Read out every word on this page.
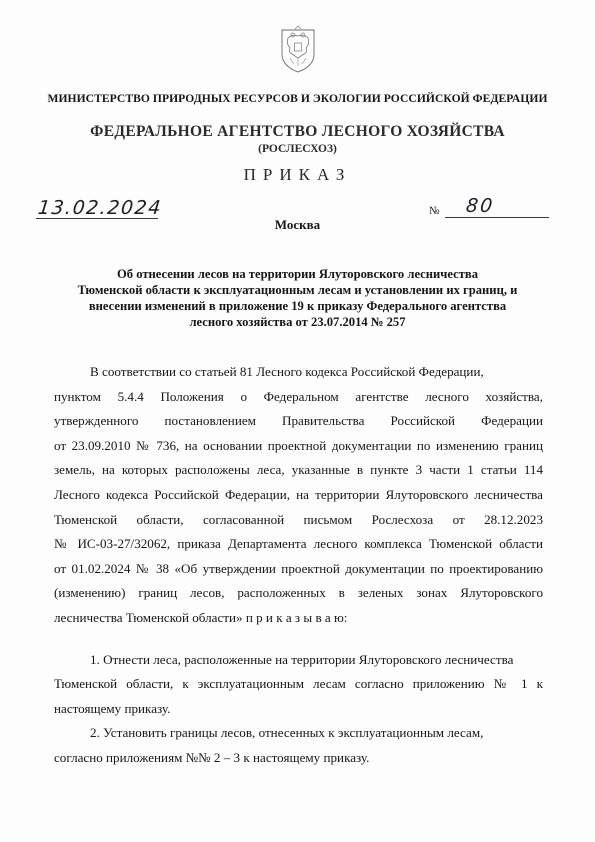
МИНИСТЕРСТВО ПРИРОДНЫХ РЕСУРСОВ И ЭКОЛОГИИ РОССИЙСКОЙ ФЕДЕРАЦИИ
ФЕДЕРАЛЬНОЕ АГЕНТСТВО ЛЕСНОГО ХОЗЯЙСТВА
(РОСЛЕСХОЗ)
ПРИКАЗ
13.02.2024	№ 80
Москва
Об отнесении лесов на территории Ялуторовского лесничества
Тюменской области к эксплуатационным лесам и установлении их границ, и
внесении изменений в приложение 19 к приказу Федерального агентства
лесного хозяйства от 23.07.2014 № 257
В соответствии со статьей 81 Лесного кодекса Российской Федерации,
пунктом 5.4.4 Положения о Федеральном агентстве лесного хозяйства,
утвержденного постановлением Правительства Российской Федерации
от 23.09.2010 № 736, на основании проектной документации по изменению границ
земель, на которых расположены леса, указанные в пункте 3 части 1 статьи 114
Лесного кодекса Российской Федерации, на территории Ялуторовского лесничества
Тюменской области, согласованной письмом Рослесхоза от 28.12.2023
№ ИС-03-27/32062, приказа Департамента лесного комплекса Тюменской области
от 01.02.2024 № 38 «Об утверждении проектной документации по проектированию
(изменению) границ лесов, расположенных в зеленых зонах Ялуторовского
лесничества Тюменской области» п р и к а з ы в а ю:
1. Отнести леса, расположенные на территории Ялуторовского лесничества
Тюменской области, к эксплуатационным лесам согласно приложению № 1 к
настоящему приказу.
2. Установить границы лесов, отнесенных к эксплуатационным лесам,
согласно приложениям №№ 2 – 3 к настоящему приказу.
